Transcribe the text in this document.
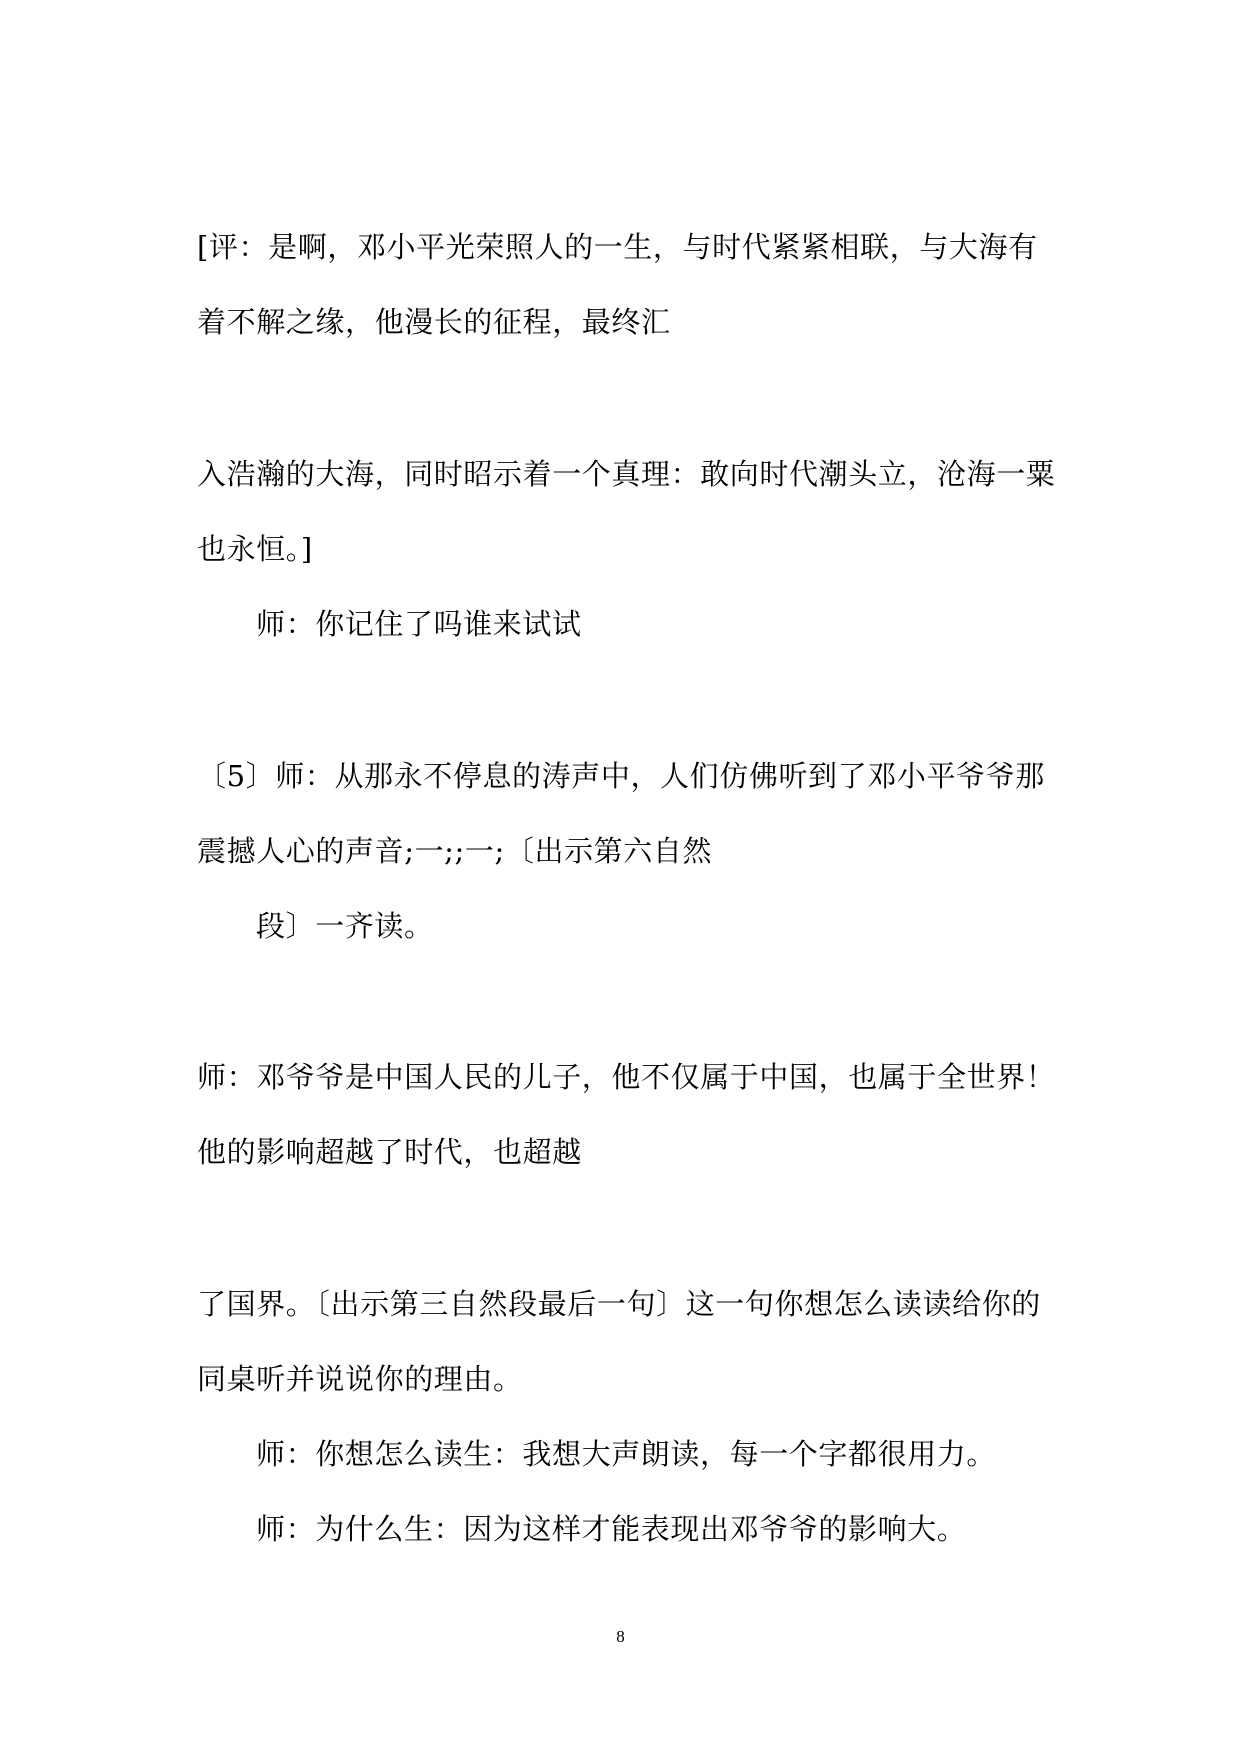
[评：是啊，邓小平光荣照人的一生，与时代紧紧相联，与大海有
着不解之缘，他漫长的征程，最终汇
入浩瀚的大海，同时昭示着一个真理：敢向时代潮头立，沧海一粟
也永恒。]
师：你记住了吗谁来试试
〔5〕师：从那永不停息的涛声中，人们仿佛听到了邓小平爷爷那
震撼人心的声音;一;;一;〔出示第六自然
段〕一齐读。
师：邓爷爷是中国人民的儿子，他不仅属于中国，也属于全世界！
他的影响超越了时代，也超越
了国界。〔出示第三自然段最后一句〕这一句你想怎么读读给你的
同桌听并说说你的理由。
师：你想怎么读生：我想大声朗读，每一个字都很用力。
师：为什么生：因为这样才能表现出邓爷爷的影响大。
8
